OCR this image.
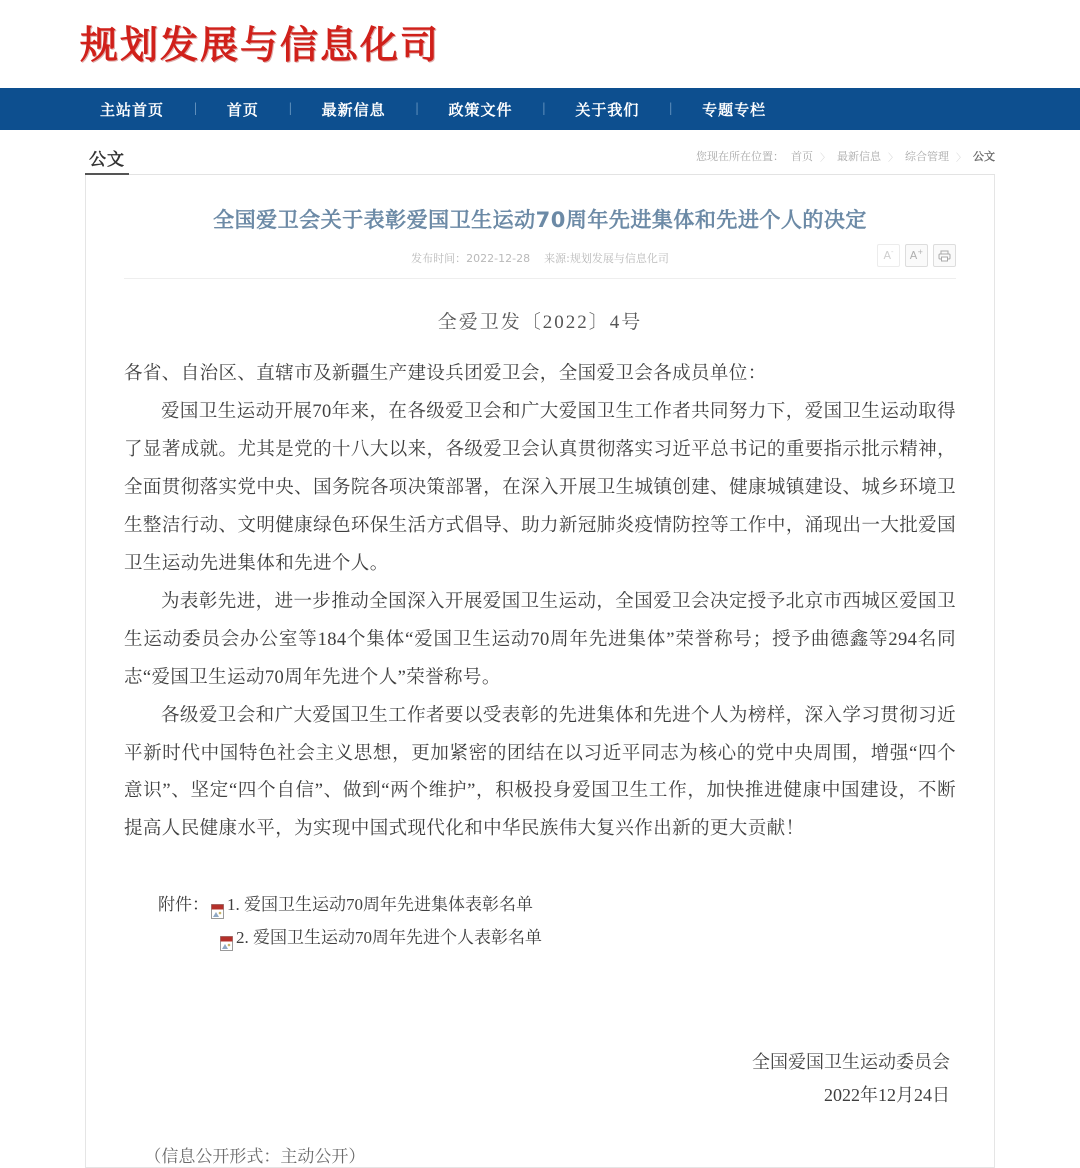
规划发展与信息化司
主站首页 | 首页 | 最新信息 | 政策文件 | 关于我们 | 专题专栏
公文	您现在所在位置： 首页 〉 最新信息 〉 综合管理 〉 公文
全国爱卫会关于表彰爱国卫生运动70周年先进集体和先进个人的决定
发布时间：2022-12-28 来源:规划发展与信息化司	A- A+
全爱卫发〔2022〕4号

各省、自治区、直辖市及新疆生产建设兵团爱卫会，全国爱卫会各成员单位：

爱国卫生运动开展70年来，在各级爱卫会和广大爱国卫生工作者共同努力下，爱国卫生运动取得了显著成就。尤其是党的十八大以来，各级爱卫会认真贯彻落实习近平总书记的重要指示批示精神，全面贯彻落实党中央、国务院各项决策部署，在深入开展卫生城镇创建、健康城镇建设、城乡环境卫生整洁行动、文明健康绿色环保生活方式倡导、助力新冠肺炎疫情防控等工作中，涌现出一大批爱国卫生运动先进集体和先进个人。

为表彰先进，进一步推动全国深入开展爱国卫生运动，全国爱卫会决定授予北京市西城区爱国卫生运动委员会办公室等184个集体“爱国卫生运动70周年先进集体”荣誉称号；授予曲德鑫等294名同志“爱国卫生运动70周年先进个人”荣誉称号。

各级爱卫会和广大爱国卫生工作者要以受表彰的先进集体和先进个人为榜样，深入学习贯彻习近平新时代中国特色社会主义思想，更加紧密的团结在以习近平同志为核心的党中央周围，增强“四个意识”、坚定“四个自信”、做到“两个维护”，积极投身爱国卫生工作，加快推进健康中国建设，不断提高人民健康水平，为实现中国式现代化和中华民族伟大复兴作出新的更大贡献！

附件： 1. 爱国卫生运动70周年先进集体表彰名单
2. 爱国卫生运动70周年先进个人表彰名单
全国爱国卫生运动委员会
2022年12月24日
（信息公开形式：主动公开）
